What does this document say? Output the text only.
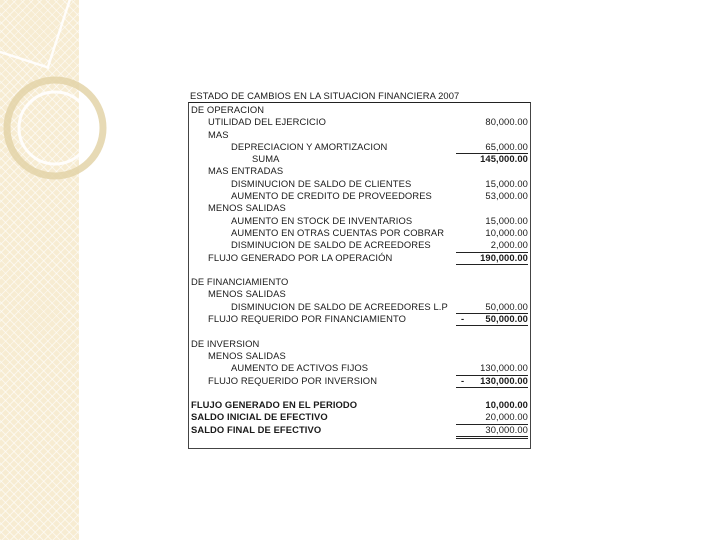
ESTADO DE CAMBIOS EN LA SITUACION FINANCIERA 2007
DE OPERACION
UTILIDAD DEL EJERCICIO	80,000.00
MAS
DEPRECIACION Y AMORTIZACION	65,000.00
SUMA	145,000.00
MAS ENTRADAS
DISMINUCION DE SALDO DE CLIENTES	15,000.00
AUMENTO DE CREDITO DE PROVEEDORES	53,000.00
MENOS SALIDAS
AUMENTO EN STOCK DE INVENTARIOS	15,000.00
AUMENTO EN OTRAS CUENTAS POR COBRAR	10,000.00
DISMINUCION DE SALDO DE ACREEDORES	2,000.00
FLUJO GENERADO POR LA OPERACIÓN	190,000.00
DE FINANCIAMIENTO
MENOS SALIDAS
DISMINUCION DE SALDO DE ACREEDORES L.P	50,000.00
FLUJO REQUERIDO POR FINANCIAMIENTO	-	50,000.00
DE INVERSION
MENOS SALIDAS
AUMENTO DE ACTIVOS FIJOS	130,000.00
FLUJO REQUERIDO POR INVERSION	-	130,000.00
FLUJO GENERADO EN EL PERIODO	10,000.00
SALDO INICIAL DE EFECTIVO	20,000.00
SALDO FINAL DE EFECTIVO	30,000.00
